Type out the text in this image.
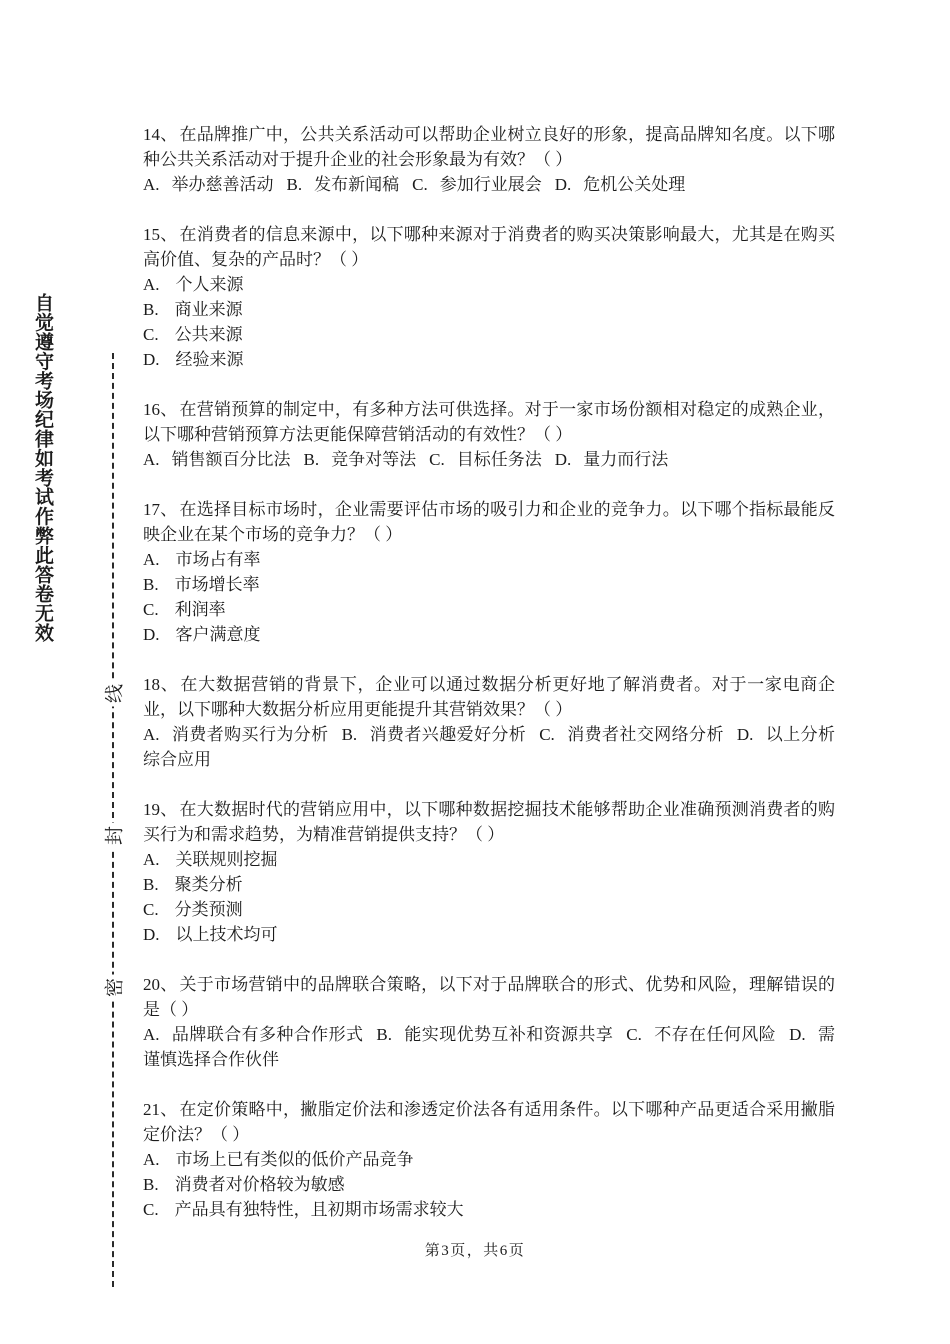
自觉遵守考场纪律如考试作弊此答卷无效
线
封
密

14、 在品牌推广中，公共关系活动可以帮助企业树立良好的形象，提高品牌知名度。以下哪种公共关系活动对于提升企业的社会形象最为有效？（ ）

A. 举办慈善活动 B. 发布新闻稿 C. 参加行业展会 D. 危机公关处理

15、 在消费者的信息来源中，以下哪种来源对于消费者的购买决策影响最大，尤其是在购买高价值、复杂的产品时？（ ）

A. 个人来源

B. 商业来源

C. 公共来源

D. 经验来源

16、 在营销预算的制定中，有多种方法可供选择。对于一家市场份额相对稳定的成熟企业，以下哪种营销预算方法更能保障营销活动的有效性？（ ）

A. 销售额百分比法 B. 竞争对等法 C. 目标任务法 D. 量力而行法

17、 在选择目标市场时，企业需要评估市场的吸引力和企业的竞争力。以下哪个指标最能反映企业在某个市场的竞争力？（ ）

A. 市场占有率

B. 市场增长率

C. 利润率

D. 客户满意度

18、 在大数据营销的背景下，企业可以通过数据分析更好地了解消费者。对于一家电商企业，以下哪种大数据分析应用更能提升其营销效果？（ ）

A. 消费者购买行为分析 B. 消费者兴趣爱好分析 C. 消费者社交网络分析 D. 以上分析综合应用

19、 在大数据时代的营销应用中，以下哪种数据挖掘技术能够帮助企业准确预测消费者的购买行为和需求趋势，为精准营销提供支持？（ ）

A. 关联规则挖掘

B. 聚类分析

C. 分类预测

D. 以上技术均可

20、 关于市场营销中的品牌联合策略，以下对于品牌联合的形式、优势和风险，理解错误的是（ ）

A. 品牌联合有多种合作形式 B. 能实现优势互补和资源共享 C. 不存在任何风险 D. 需谨慎选择合作伙伴

21、 在定价策略中，撇脂定价法和渗透定价法各有适用条件。以下哪种产品更适合采用撇脂定价法？（ ）

A. 市场上已有类似的低价产品竞争

B. 消费者对价格较为敏感

C. 产品具有独特性，且初期市场需求较大

第3页，共6页
